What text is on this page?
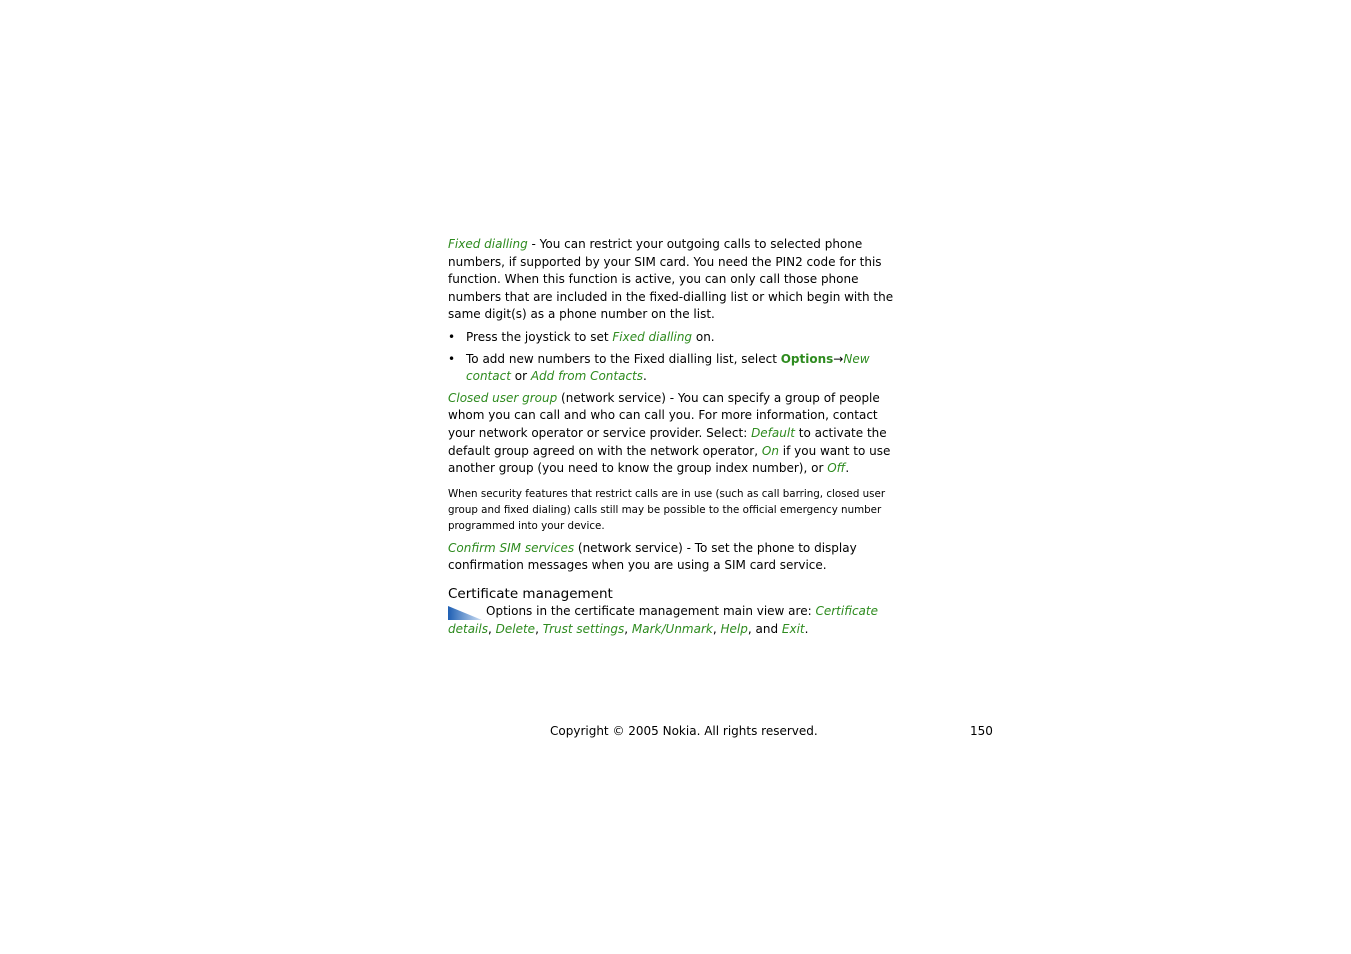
Fixed dialling - You can restrict your outgoing calls to selected phone numbers, if supported by your SIM card. You need the PIN2 code for this function. When this function is active, you can only call those phone numbers that are included in the fixed-dialling list or which begin with the same digit(s) as a phone number on the list.

• Press the joystick to set Fixed dialling on.
• To add new numbers to the Fixed dialling list, select Options→New contact or Add from Contacts.

Closed user group (network service) - You can specify a group of people whom you can call and who can call you. For more information, contact your network operator or service provider. Select: Default to activate the default group agreed on with the network operator, On if you want to use another group (you need to know the group index number), or Off.

When security features that restrict calls are in use (such as call barring, closed user group and fixed dialing) calls still may be possible to the official emergency number programmed into your device.

Confirm SIM services (network service) - To set the phone to display confirmation messages when you are using a SIM card service.

Certificate management

Options in the certificate management main view are: Certificate details, Delete, Trust settings, Mark/Unmark, Help, and Exit.

Copyright © 2005 Nokia. All rights reserved.	150
